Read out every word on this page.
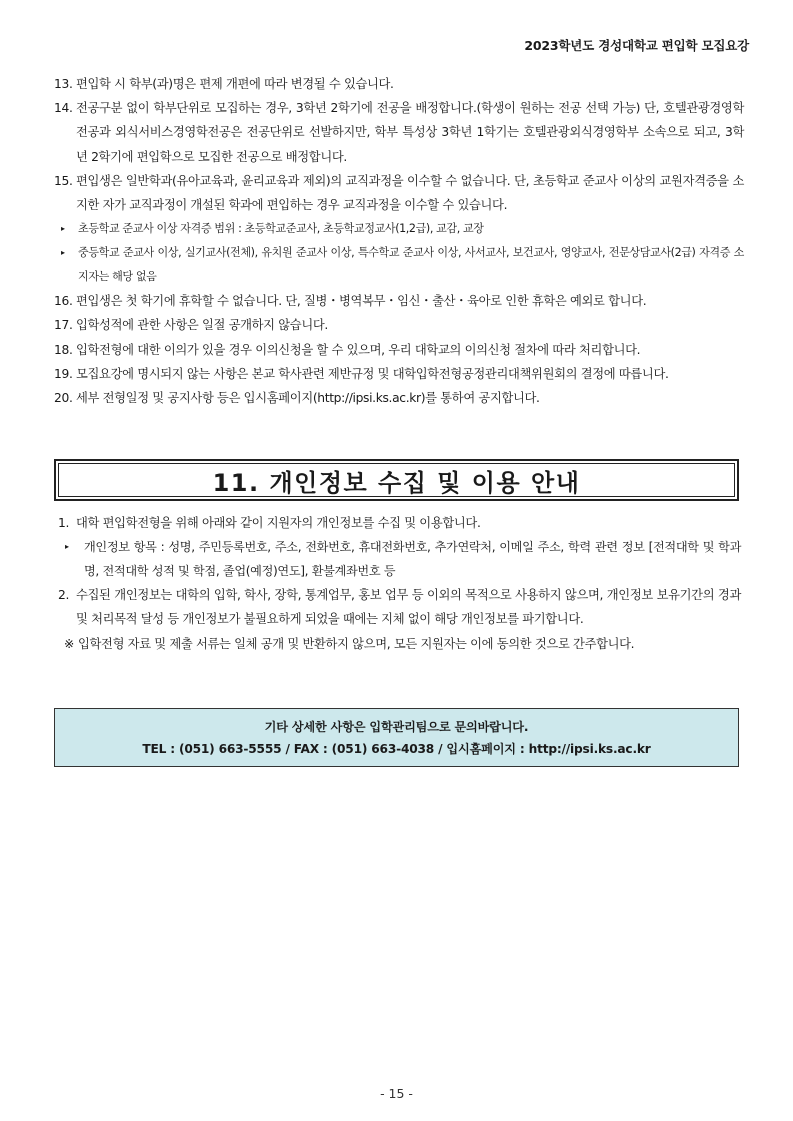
2023학년도 경성대학교 편입학 모집요강
13. 편입학 시 학부(과)명은 편제 개편에 따라 변경될 수 있습니다.
14. 전공구분 없이 학부단위로 모집하는 경우, 3학년 2학기에 전공을 배정합니다.(학생이 원하는 전공 선택 가능) 단, 호텔관광경영학전공과 외식서비스경영학전공은 전공단위로 선발하지만, 학부 특성상 3학년 1학기는 호텔관광외식경영학부 소속으로 되고, 3학년 2학기에 편입학으로 모집한 전공으로 배정합니다.
15. 편입생은 일반학과(유아교육과, 윤리교육과 제외)의 교직과정을 이수할 수 없습니다. 단, 초등학교 준교사 이상의 교원자격증을 소지한 자가 교직과정이 개설된 학과에 편입하는 경우 교직과정을 이수할 수 있습니다.
▸ 초등학교 준교사 이상 자격증 범위 : 초등학교준교사, 초등학교정교사(1,2급), 교감, 교장
▸ 중등학교 준교사 이상, 실기교사(전체), 유치원 준교사 이상, 특수학교 준교사 이상, 사서교사, 보건교사, 영양교사, 전문상담교사(2급) 자격증 소지자는 해당 없음
16. 편입생은 첫 학기에 휴학할 수 없습니다. 단, 질병・병역복무・임신・출산・육아로 인한 휴학은 예외로 합니다.
17. 입학성적에 관한 사항은 일절 공개하지 않습니다.
18. 입학전형에 대한 이의가 있을 경우 이의신청을 할 수 있으며, 우리 대학교의 이의신청 절차에 따라 처리합니다.
19. 모집요강에 명시되지 않는 사항은 본교 학사관련 제반규정 및 대학입학전형공정관리대책위원회의 결정에 따릅니다.
20. 세부 전형일정 및 공지사항 등은 입시홈페이지(http://ipsi.ks.ac.kr)를 통하여 공지합니다.
11. 개인정보 수집 및 이용 안내
1. 대학 편입학전형을 위해 아래와 같이 지원자의 개인정보를 수집 및 이용합니다.
▸ 개인정보 항목 : 성명, 주민등록번호, 주소, 전화번호, 휴대전화번호, 추가연락처, 이메일 주소, 학력 관련 정보 [전적대학 및 학과명, 전적대학 성적 및 학점, 졸업(예정)연도], 환불계좌번호 등
2. 수집된 개인정보는 대학의 입학, 학사, 장학, 통계업무, 홍보 업무 등 이외의 목적으로 사용하지 않으며, 개인정보 보유기간의 경과 및 처리목적 달성 등 개인정보가 불필요하게 되었을 때에는 지체 없이 해당 개인정보를 파기합니다.
※ 입학전형 자료 및 제출 서류는 일체 공개 및 반환하지 않으며, 모든 지원자는 이에 동의한 것으로 간주합니다.
기타 상세한 사항은 입학관리팀으로 문의바랍니다.
TEL : (051) 663-5555 / FAX : (051) 663-4038 / 입시홈페이지 : http://ipsi.ks.ac.kr
- 15 -
